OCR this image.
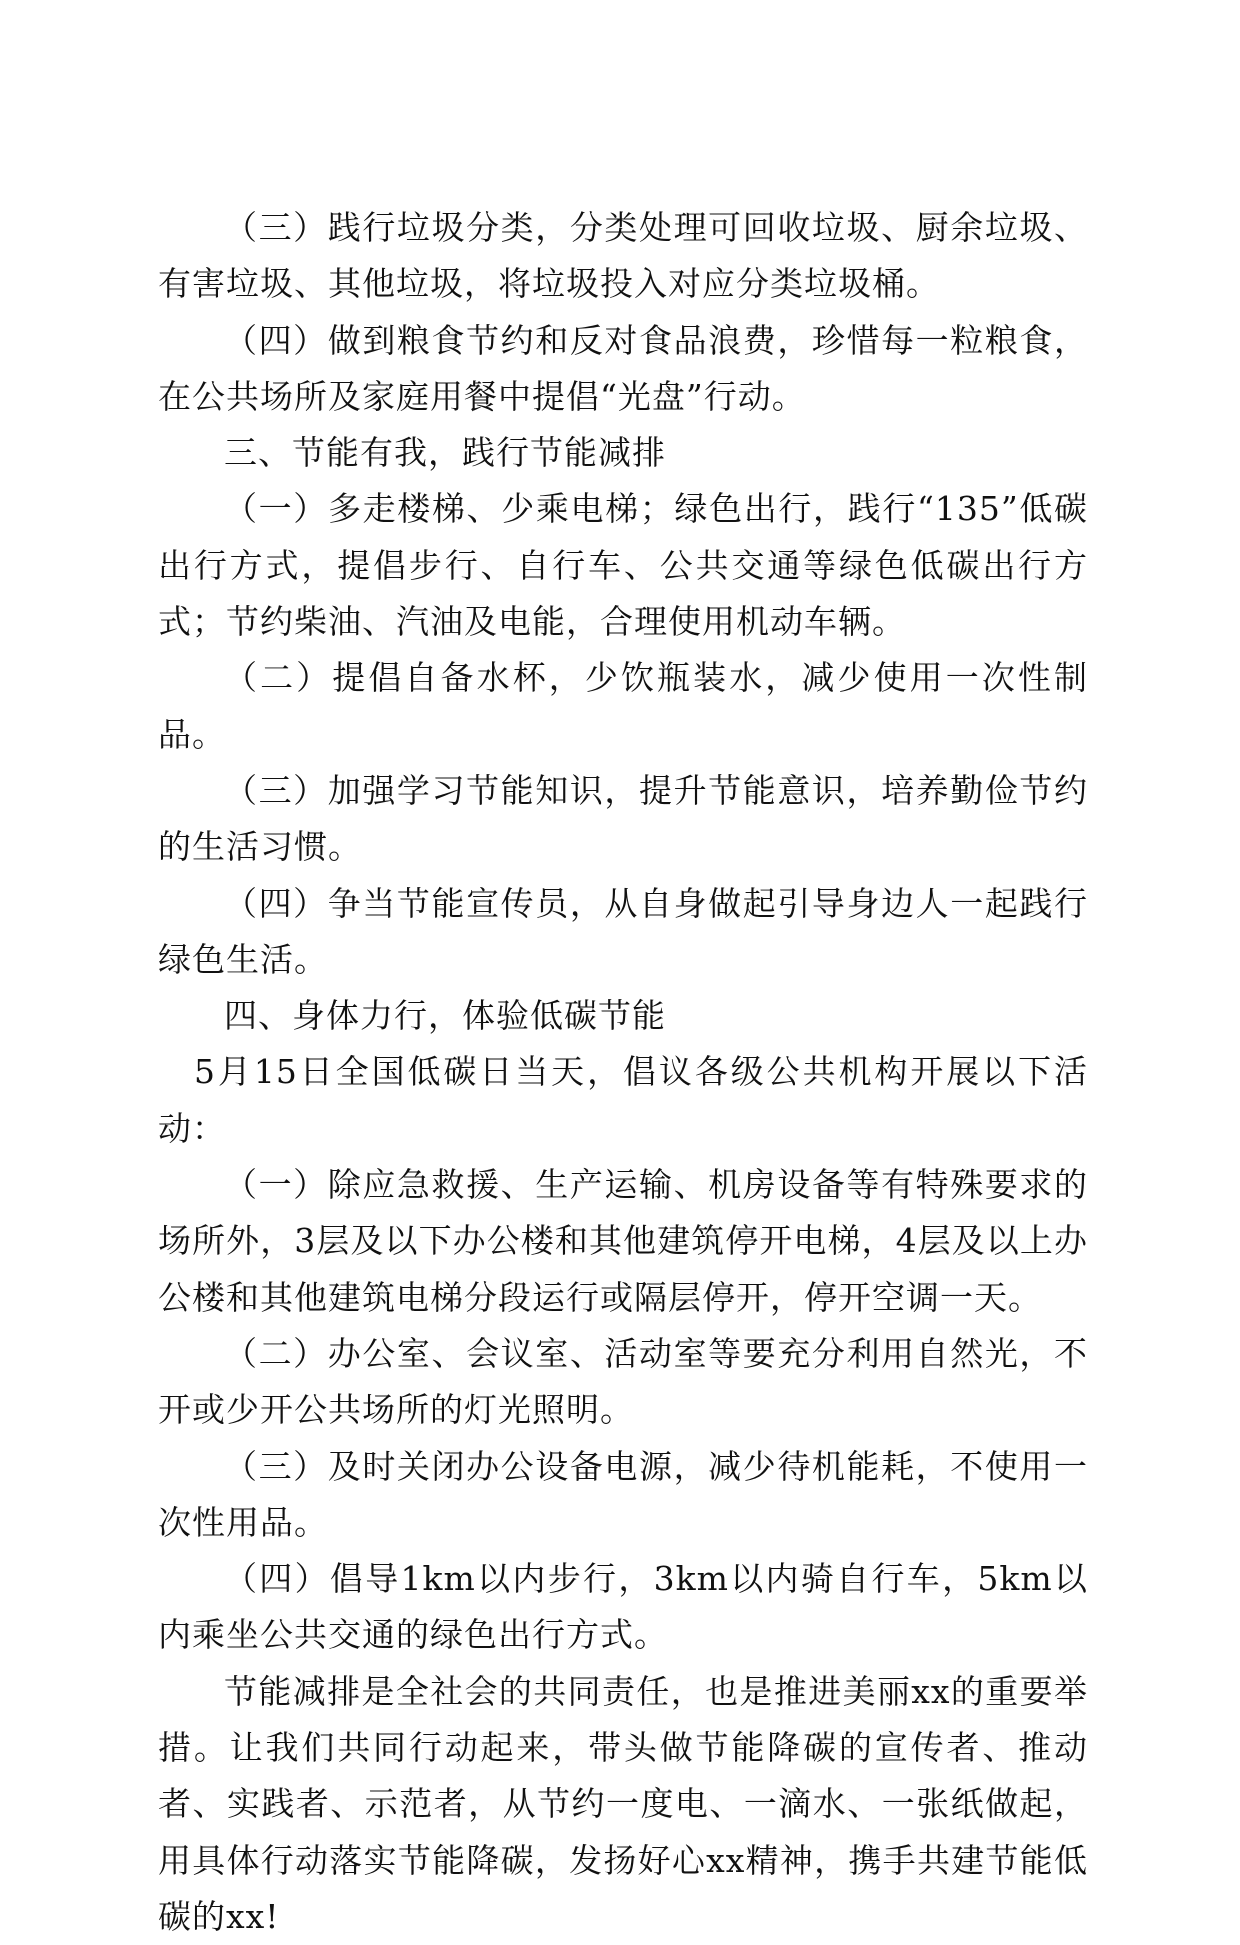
（三）践行垃圾分类，分类处理可回收垃圾、厨余垃圾、有害垃圾、其他垃圾，将垃圾投入对应分类垃圾桶。

（四）做到粮食节约和反对食品浪费，珍惜每一粒粮食，在公共场所及家庭用餐中提倡“光盘”行动。

三、节能有我，践行节能减排

（一）多走楼梯、少乘电梯；绿色出行，践行“135”低碳出行方式，提倡步行、自行车、公共交通等绿色低碳出行方式；节约柴油、汽油及电能，合理使用机动车辆。

（二）提倡自备水杯，少饮瓶装水，减少使用一次性制品。

（三）加强学习节能知识，提升节能意识，培养勤俭节约的生活习惯。

（四）争当节能宣传员，从自身做起引导身边人一起践行绿色生活。

四、身体力行，体验低碳节能

5月15日全国低碳日当天，倡议各级公共机构开展以下活动：

（一）除应急救援、生产运输、机房设备等有特殊要求的场所外，3层及以下办公楼和其他建筑停开电梯，4层及以上办公楼和其他建筑电梯分段运行或隔层停开，停开空调一天。

（二）办公室、会议室、活动室等要充分利用自然光，不开或少开公共场所的灯光照明。

（三）及时关闭办公设备电源，减少待机能耗，不使用一次性用品。

（四）倡导1km以内步行，3km以内骑自行车，5km以内乘坐公共交通的绿色出行方式。

节能减排是全社会的共同责任，也是推进美丽xx的重要举措。让我们共同行动起来，带头做节能降碳的宣传者、推动者、实践者、示范者，从节约一度电、一滴水、一张纸做起，用具体行动落实节能降碳，发扬好心xx精神，携手共建节能低碳的xx!
